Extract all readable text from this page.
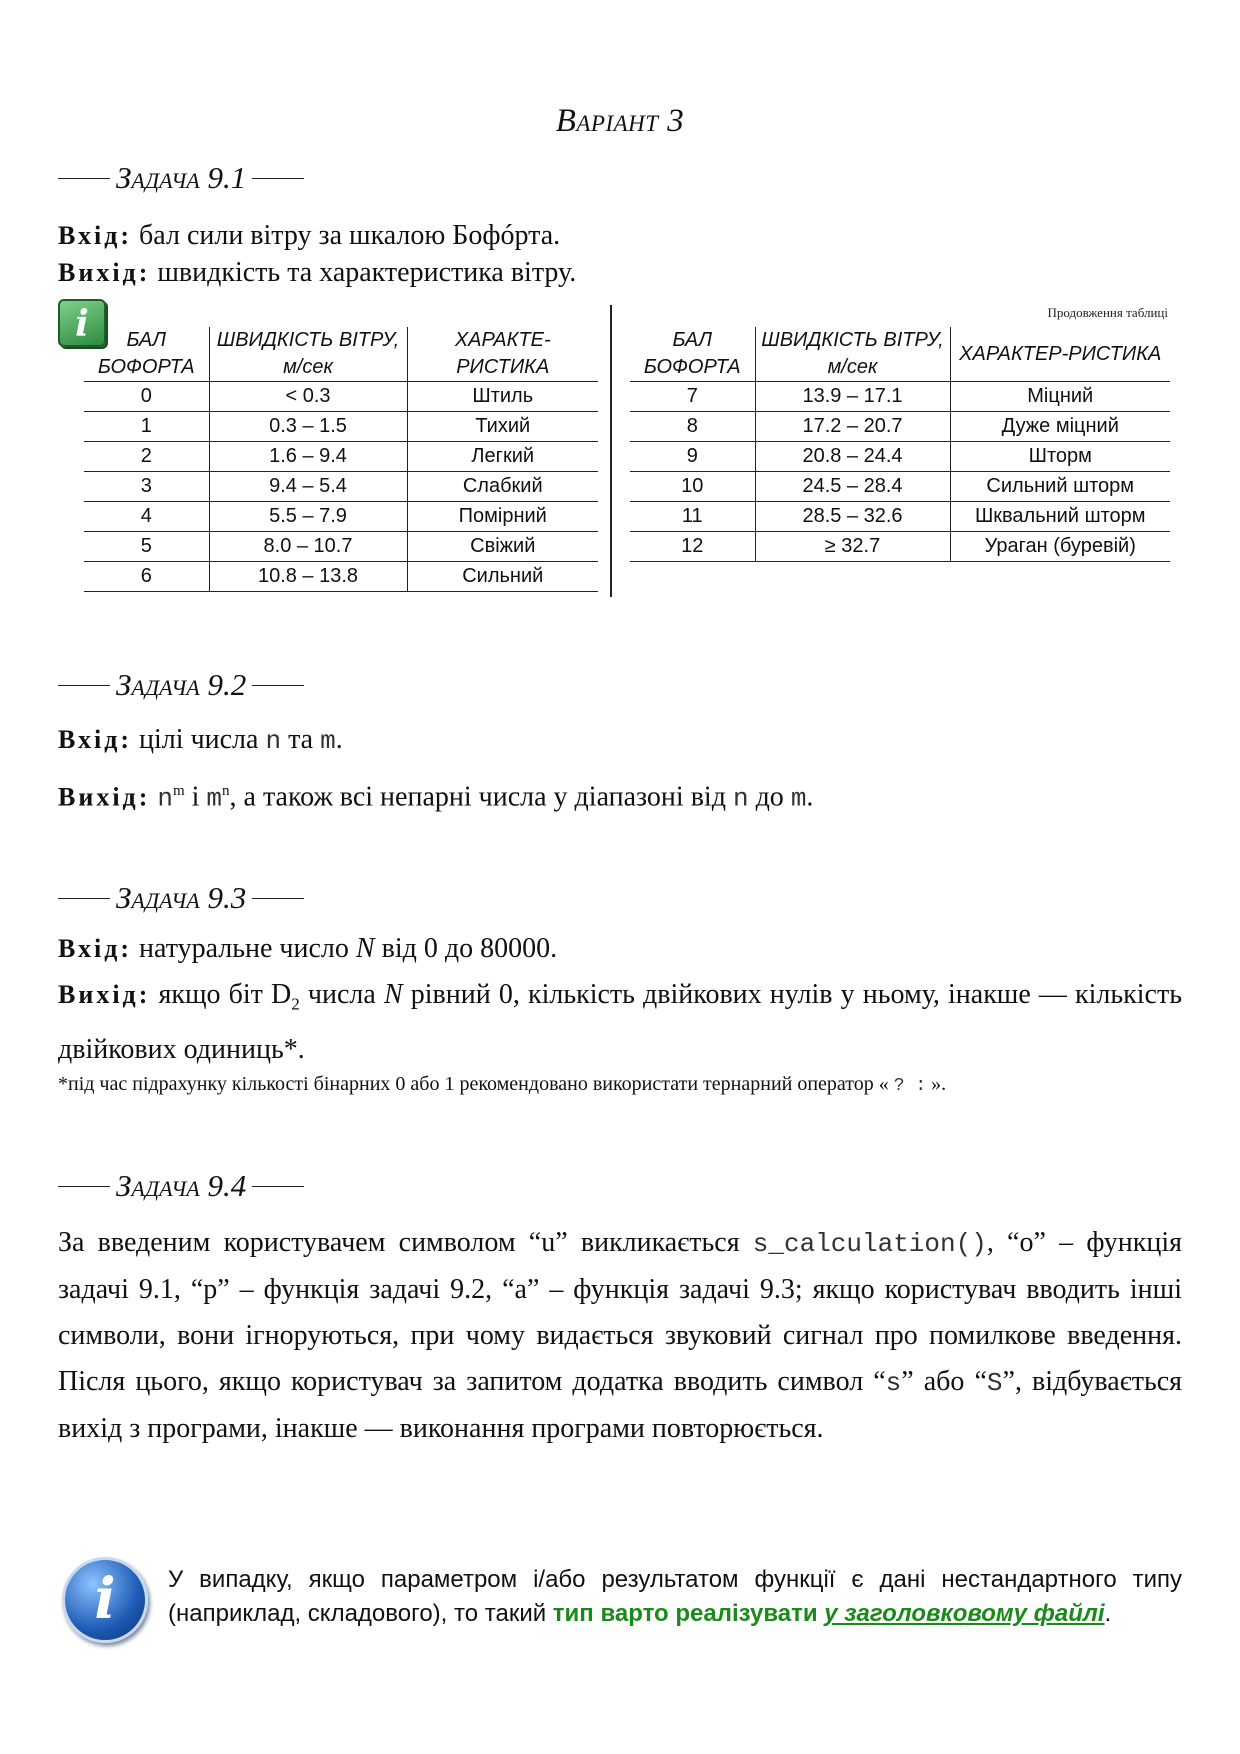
Варіант 3
Задача 9.1
Вхід: бал сили вітру за шкалою Бофóрта.
Вихід: швидкість та характеристика вітру.
i	Продовження таблиці
БАЛ БОФОРТА	ШВИДКІСТЬ ВІТРУ, м/сек	ХАРАКТЕ-РИСТИКА
0	< 0.3	Штиль
1	0.3 – 1.5	Тихий
2	1.6 – 9.4	Легкий
3	9.4 – 5.4	Слабкий
4	5.5 – 7.9	Помірний
5	8.0 – 10.7	Свіжий
6	10.8 – 13.8	Сильний
БАЛ БОФОРТА	ШВИДКІСТЬ ВІТРУ, м/сек	ХАРАКТЕР-РИСТИКА
7	13.9 – 17.1	Міцний
8	17.2 – 20.7	Дуже міцний
9	20.8 – 24.4	Шторм
10	24.5 – 28.4	Сильний шторм
11	28.5 – 32.6	Шквальний шторм
12	≥ 32.7	Ураган (буревій)
Задача 9.2
Вхід: цілі числа n та m.
Вихід: $n^m$ і $m^n$, а також всі непарні числа у діапазоні від n до m.
Задача 9.3
Вхід: натуральне число N від 0 до 80000.
Вихід: якщо біт $D_2$ числа N рівний 0, кількість двійкових нулів у ньому, інакше — кількість двійкових одиниць*.
*під час підрахунку кількості бінарних 0 або 1 рекомендовано використати тернарний оператор « ? : ».
Задача 9.4
За введеним користувачем символом “u” викликається s_calculation(), “o” – функція задачі 9.1, “p” – функція задачі 9.2, “a” – функція задачі 9.3; якщо користувач вводить інші символи, вони ігноруються, при чому видається звуковий сигнал про помилкове введення. Після цього, якщо користувач за запитом додатка вводить символ “s” або “S”, відбувається вихід з програми, інакше — виконання програми повторюється.
i	У випадку, якщо параметром і/або результатом функції є дані нестандартного типу (наприклад, складового), то такий тип варто реалізувати у заголовковому файлі.
